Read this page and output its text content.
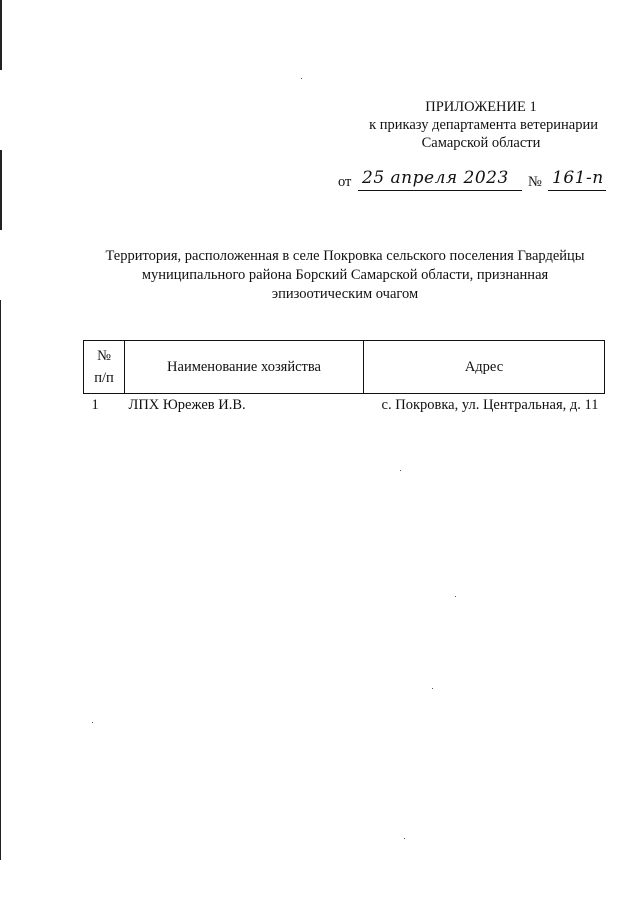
ПРИЛОЖЕНИЕ 1
к приказу департамента ветеринарии
Самарской области
от 25 апреля 2023 № 161-п
Территория, расположенная в селе Покровка сельского поселения Гвардейцы
муниципального района Борский Самарской области, признанная
эпизоотическим очагом
№
п/п	Наименование хозяйства	Адрес
1	ЛПХ Юрежев И.В.	с. Покровка, ул. Центральная, д. 11
